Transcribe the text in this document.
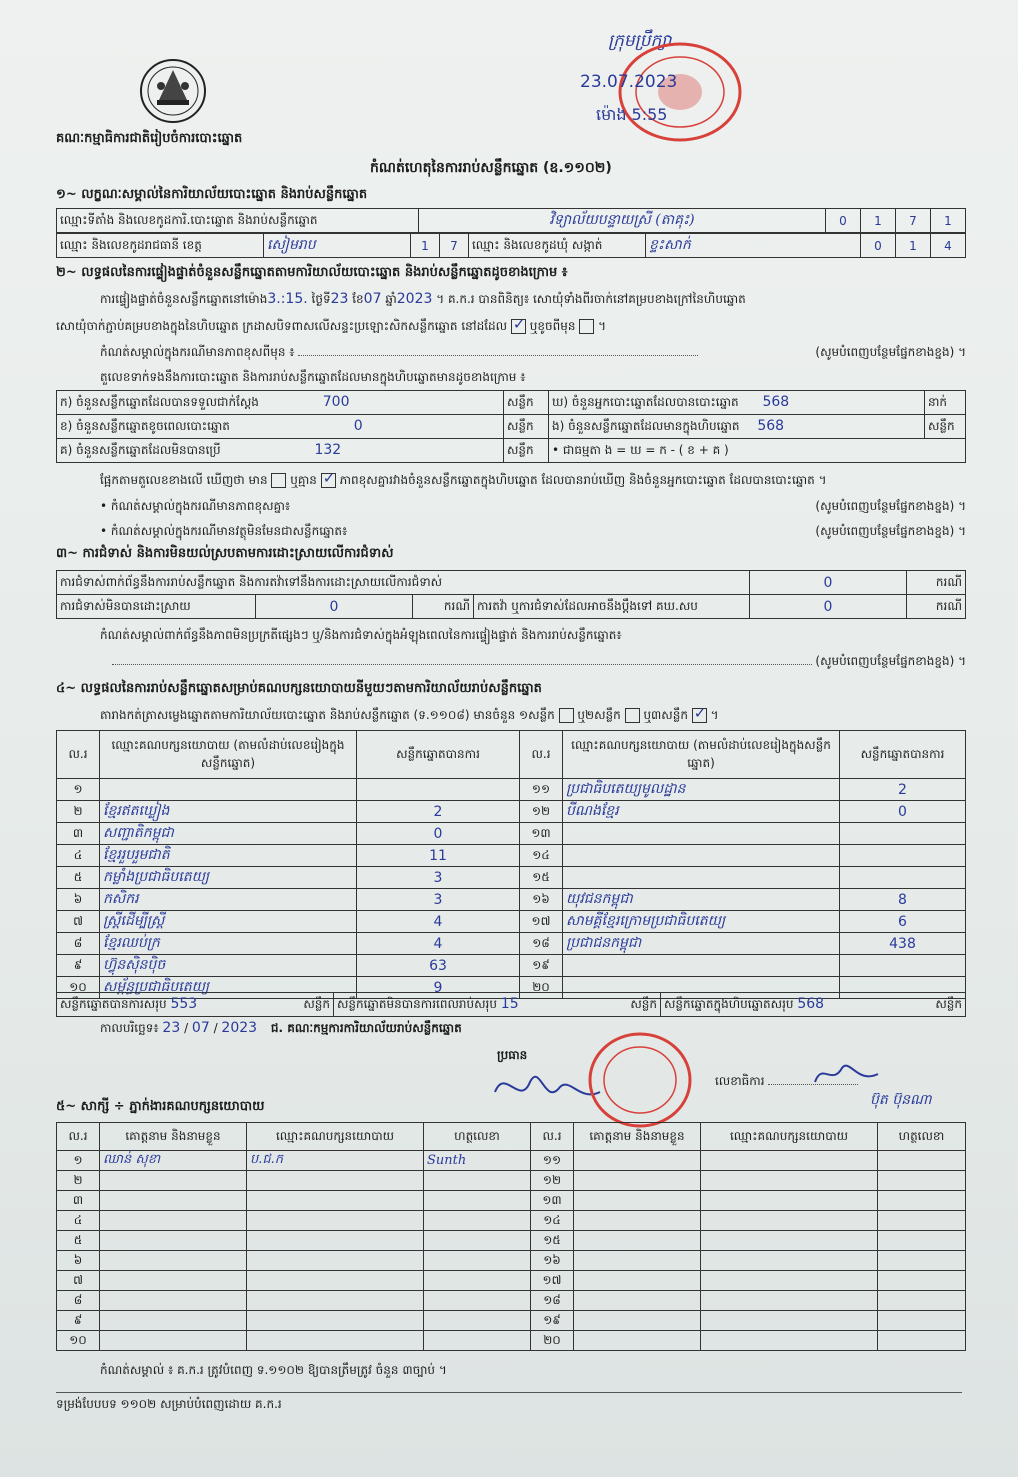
គណៈកម្មាធិការជាតិរៀបចំការបោះឆ្នោត
ក្រុមប្រឹក្សា
23.07.2023
ម៉ោង 5:55
កំណត់ហេតុនៃការរាប់សន្លឹកឆ្នោត (ឧ.១១០២)
១~ លក្ខណៈសម្គាល់នៃការិយាល័យបោះឆ្នោត និងរាប់សន្លឹកឆ្នោត
ឈ្មោះទីតាំង និងលេខកូដការិ.បោះឆ្នោត និងរាប់សន្លឹកឆ្នោត	វិទ្យាល័យបន្ទាយស្រី (តាគុះ)	0	1	7	1
ឈ្មោះ និងលេខកូដរាជធានី ខេត្ត	សៀមរាប	1	7	ឈ្មោះ និងលេខកូដឃុំ សង្កាត់	ខ្ទះសាក់	0	1	4
២~ លទ្ធផលនៃការផ្ទៀងផ្ទាត់ចំនួនសន្លឹកឆ្នោតតាមការិយាល័យបោះឆ្នោត និងរាប់សន្លឹកឆ្នោតដូចខាងក្រោម ៖
ការផ្ទៀងផ្ទាត់ចំនួនសន្លឹកឆ្នោតនៅម៉ោង3.:15. ថ្ងៃទី23 ខែ07 ឆ្នាំ2023 ។ គ.ក.រ បានពិនិត្យ៖ សោយុំទាំងពីរចាក់នៅគម្របខាងក្រៅនៃហិបឆ្នោត
សោយុំចាក់ភ្ជាប់គម្របខាងក្នុងនៃហិបឆ្នោត ក្រដាសបិទពាសលើសន្ទះប្រឡោះសិកសន្លឹកឆ្នោត នៅដដែល ✓ ឬខូចពីមុន  ។
កំណត់សម្គាល់ក្នុងករណីមានភាពខុសពីមុន ៖	(សូមបំពេញបន្ថែមផ្នែកខាងខ្នង) ។
តួលេខទាក់ទងនឹងការបោះឆ្នោត និងការរាប់សន្លឹកឆ្នោតដែលមានក្នុងហិបឆ្នោតមានដូចខាងក្រោម ៖
ក) ចំនួនសន្លឹកឆ្នោតដែលបានទទួលជាក់ស្តែង 700	សន្លឹក	ឃ) ចំនួនអ្នកបោះឆ្នោតដែលបានបោះឆ្នោត 568	នាក់
ខ) ចំនួនសន្លឹកឆ្នោតខូចពេលបោះឆ្នោត 0	សន្លឹក	ង) ចំនួនសន្លឹកឆ្នោតដែលមានក្នុងហិបឆ្នោត 568	សន្លឹក
គ) ចំនួនសន្លឹកឆ្នោតដែលមិនបានប្រើ 132	សន្លឹក	• ជាធម្មតា ង = ឃ = ក - ( ខ + គ )	
ផ្អែកតាមតួលេខខាងលើ ឃើញថា មាន ឬគ្មាន ✓ ភាពខុសគ្នារវាងចំនួនសន្លឹកឆ្នោតក្នុងហិបឆ្នោត ដែលបានរាប់ឃើញ និងចំនួនអ្នកបោះឆ្នោត ដែលបានបោះឆ្នោត ។
• កំណត់សម្គាល់ក្នុងករណីមានភាពខុសគ្នា៖	(សូមបំពេញបន្ថែមផ្នែកខាងខ្នង) ។
• កំណត់សម្គាល់ក្នុងករណីមានវត្ថុមិនមែនជាសន្លឹកឆ្នោត៖	(សូមបំពេញបន្ថែមផ្នែកខាងខ្នង) ។
៣~ ការជំទាស់ និងការមិនយល់ស្របតាមការដោះស្រាយលើការជំទាស់
ការជំទាស់ពាក់ព័ន្ធនឹងការរាប់សន្លឹកឆ្នោត និងការតវ៉ាទៅនឹងការដោះស្រាយលើការជំទាស់				0	ករណី
ការជំទាស់មិនបានដោះស្រាយ	0	ករណី	ការតវ៉ា ឬការជំទាស់ដែលអាចនឹងប្តឹងទៅ គឃ.សប	0	ករណី
កំណត់សម្គាល់ពាក់ព័ន្ធនឹងភាពមិនប្រក្រតីផ្សេងៗ ឬ/និងការជំទាស់ក្នុងអំឡុងពេលនៃការផ្ទៀងផ្ទាត់ និងការរាប់សន្លឹកឆ្នោត៖
(សូមបំពេញបន្ថែមផ្នែកខាងខ្នង) ។
៤~ លទ្ធផលនៃការរាប់សន្លឹកឆ្នោតសម្រាប់គណបក្សនយោបាយនីមួយៗតាមការិយាល័យរាប់សន្លឹកឆ្នោត
តារាងកត់ត្រាសម្លេងឆ្នោតតាមការិយាល័យបោះឆ្នោត និងរាប់សន្លឹកឆ្នោត (ទ.១១០៨) មានចំនួន ១សន្លឹក ឬ២សន្លឹក ឬ៣សន្លឹក ✓ ។
ល.រ	ឈ្មោះគណបក្សនយោបាយ (តាមលំដាប់លេខរៀងក្នុងសន្លឹកឆ្នោត)	សន្លឹកឆ្នោតបានការ	ល.រ	ឈ្មោះគណបក្សនយោបាយ (តាមលំដាប់លេខរៀងក្នុងសន្លឹកឆ្នោត)	សន្លឹកឆ្នោតបានការ
១			១១	ប្រជាធិបតេយ្យមូលដ្ឋាន	2
២	ខ្មែរឥតឃ្លៀង	2	១២	បីណងខ្មែរ	0
៣	សញ្ជាតិកម្ពុជា	0	១៣		
៤	ខ្មែររួបរួមជាតិ	11	១៤		
៥	កម្លាំងប្រជាធិបតេយ្យ	3	១៥		
៦	កសិករ	3	១៦	យុវជនកម្ពុជា	8
៧	ស្ត្រីដើម្បីស្ត្រី	4	១៧	សាមគ្គីខ្មែរក្រោមប្រជាធិបតេយ្យ	6
៨	ខ្មែរឈប់ក្រ	4	១៨	ប្រជាជនកម្ពុជា	438
៩	ហ៊្វុនស៊ិនប៉ិច	63	១៩		
១០	សម្ព័ន្ធប្រជាធិបតេយ្យ	9	២០		
សន្លឹកឆ្នោតបានការសរុប 553	សន្លឹក	សន្លឹកឆ្នោតមិនបានការពេលរាប់សរុប 15	សន្លឹក	សន្លឹកឆ្នោតក្នុងហិបឆ្នោតសរុប 568	សន្លឹក
កាលបរិច្ឆេទ៖ 23 / 07 / 2023 ជ. គណៈកម្មការការិយាល័យរាប់សន្លឹកឆ្នោត
ប្រធាន
លេខាធិការ
ប៊ុត ប៊ុនណា
៥~ សាក្សី ÷ ភ្នាក់ងារគណបក្សនយោបាយ
ល.រ	គោត្តនាម និងនាមខ្លួន	ឈ្មោះគណបក្សនយោបាយ	ហត្ថលេខា	ល.រ	គោត្តនាម និងនាមខ្លួន	ឈ្មោះគណបក្សនយោបាយ	ហត្ថលេខា
១	ឈាន់ សុខា	ប.ជ.ក	Sunth	១១			
២				១២			
៣				១៣			
៤				១៤			
៥				១៥			
៦				១៦			
៧				១៧			
៨				១៨			
៩				១៩			
១០				២០			
កំណត់សម្គាល់ ៖ គ.ក.រ ត្រូវបំពេញ ទ.១១០២ ឱ្យបានត្រឹមត្រូវ ចំនួន ៣ច្បាប់ ។
ទម្រង់បែបបទ ១១០២ សម្រាប់បំពេញដោយ គ.ក.រ
